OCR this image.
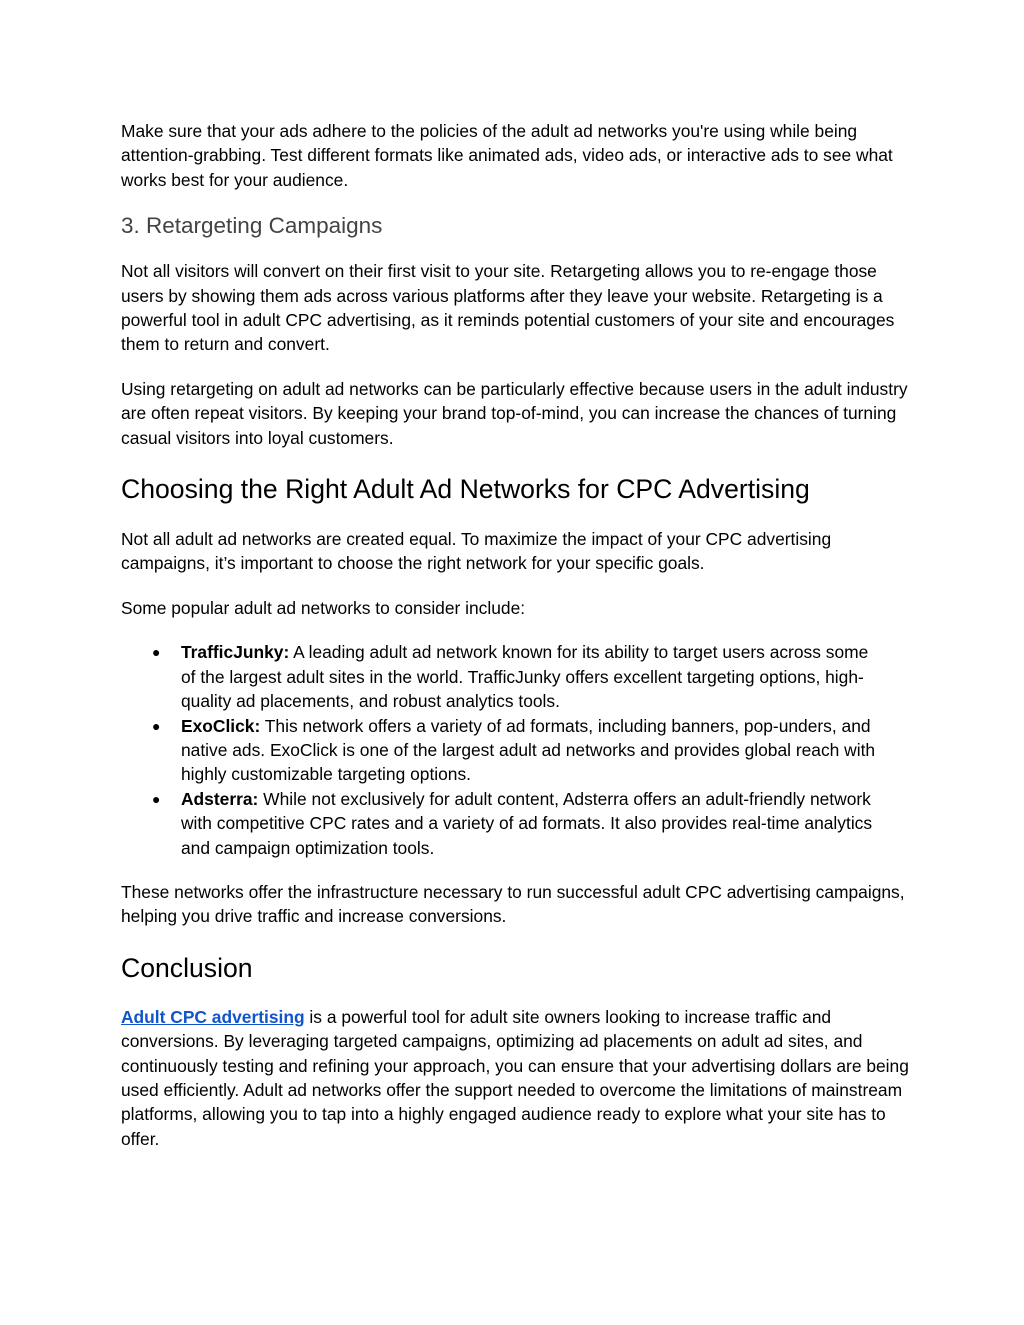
Make sure that your ads adhere to the policies of the adult ad networks you're using while being attention-grabbing. Test different formats like animated ads, video ads, or interactive ads to see what works best for your audience.

3. Retargeting Campaigns

Not all visitors will convert on their first visit to your site. Retargeting allows you to re-engage those users by showing them ads across various platforms after they leave your website. Retargeting is a powerful tool in adult CPC advertising, as it reminds potential customers of your site and encourages them to return and convert.

Using retargeting on adult ad networks can be particularly effective because users in the adult industry are often repeat visitors. By keeping your brand top-of-mind, you can increase the chances of turning casual visitors into loyal customers.

Choosing the Right Adult Ad Networks for CPC Advertising

Not all adult ad networks are created equal. To maximize the impact of your CPC advertising campaigns, it’s important to choose the right network for your specific goals.

Some popular adult ad networks to consider include:

● TrafficJunky: A leading adult ad network known for its ability to target users across some of the largest adult sites in the world. TrafficJunky offers excellent targeting options, high-quality ad placements, and robust analytics tools.
● ExoClick: This network offers a variety of ad formats, including banners, pop-unders, and native ads. ExoClick is one of the largest adult ad networks and provides global reach with highly customizable targeting options.
● Adsterra: While not exclusively for adult content, Adsterra offers an adult-friendly network with competitive CPC rates and a variety of ad formats. It also provides real-time analytics and campaign optimization tools.

These networks offer the infrastructure necessary to run successful adult CPC advertising campaigns, helping you drive traffic and increase conversions.

Conclusion

Adult CPC advertising is a powerful tool for adult site owners looking to increase traffic and conversions. By leveraging targeted campaigns, optimizing ad placements on adult ad sites, and continuously testing and refining your approach, you can ensure that your advertising dollars are being used efficiently. Adult ad networks offer the support needed to overcome the limitations of mainstream platforms, allowing you to tap into a highly engaged audience ready to explore what your site has to offer.
